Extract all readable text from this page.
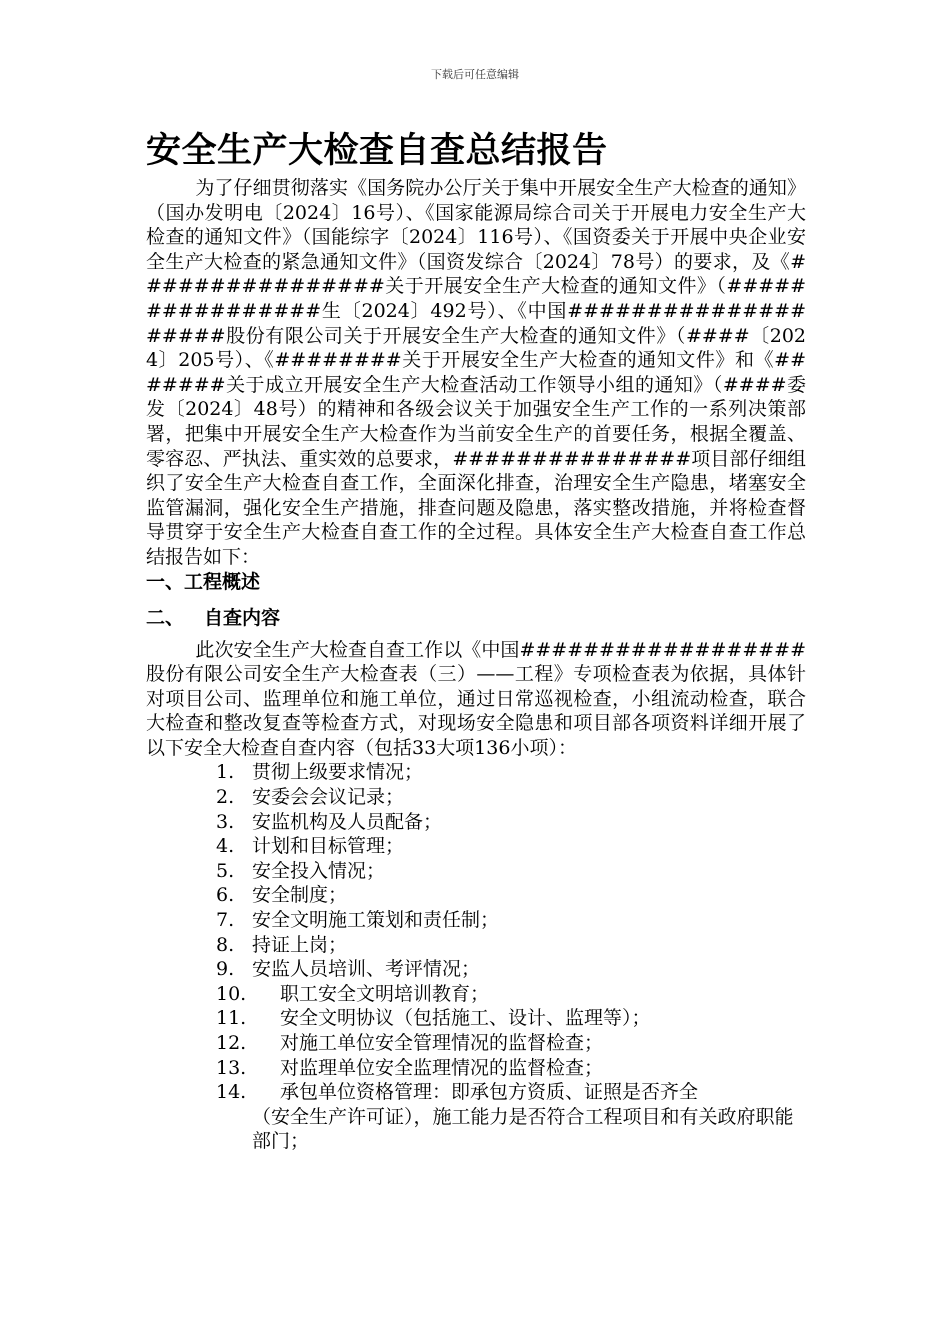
下载后可任意编辑
安全生产大检查自查总结报告

为了仔细贯彻落实《国务院办公厅关于集中开展安全生产大检查的通知》（国办发明电〔2024〕16号）、《国家能源局综合司关于开展电力安全生产大检查的通知文件》（国能综字〔2024〕116号）、《国资委关于开展中央企业安全生产大检查的紧急通知文件》（国资发综合〔2024〕78号）的要求，及《################关于开展安全生产大检查的通知文件》（################生〔2024〕492号）、《中国####################股份有限公司关于开展安全生产大检查的通知文件》（####〔2024〕205号）、《########关于开展安全生产大检查的通知文件》和《#######关于成立开展安全生产大检查活动工作领导小组的通知》（####委发〔2024〕48号）的精神和各级会议关于加强安全生产工作的一系列决策部署，把集中开展安全生产大检查作为当前安全生产的首要任务，根据全覆盖、零容忍、严执法、重实效的总要求，###############项目部仔细组织了安全生产大检查自查工作，全面深化排查，治理安全生产隐患，堵塞安全监管漏洞，强化安全生产措施，排查问题及隐患，落实整改措施，并将检查督导贯穿于安全生产大检查自查工作的全过程。具体安全生产大检查自查工作总结报告如下：

一、工程概述
二、 自查内容

此次安全生产大检查自查工作以《中国##################股份有限公司安全生产大检查表（三）——工程》专项检查表为依据，具体针对项目公司、监理单位和施工单位，通过日常巡视检查，小组流动检查，联合大检查和整改复查等检查方式，对现场安全隐患和项目部各项资料详细开展了以下安全大检查自查内容（包括33大项136小项）：

1. 贯彻上级要求情况；
2. 安委会会议记录；
3. 安监机构及人员配备；
4. 计划和目标管理；
5. 安全投入情况；
6. 安全制度；
7. 安全文明施工策划和责任制；
8. 持证上岗；
9. 安监人员培训、考评情况；
10. 职工安全文明培训教育；
11. 安全文明协议（包括施工、设计、监理等）；
12. 对施工单位安全管理情况的监督检查；
13. 对监理单位安全监理情况的监督检查；
14.	承包单位资格管理：即承包方资质、证照是否齐全
（安全生产许可证），施工能力是否符合工程项目和有关政府职能部门；
